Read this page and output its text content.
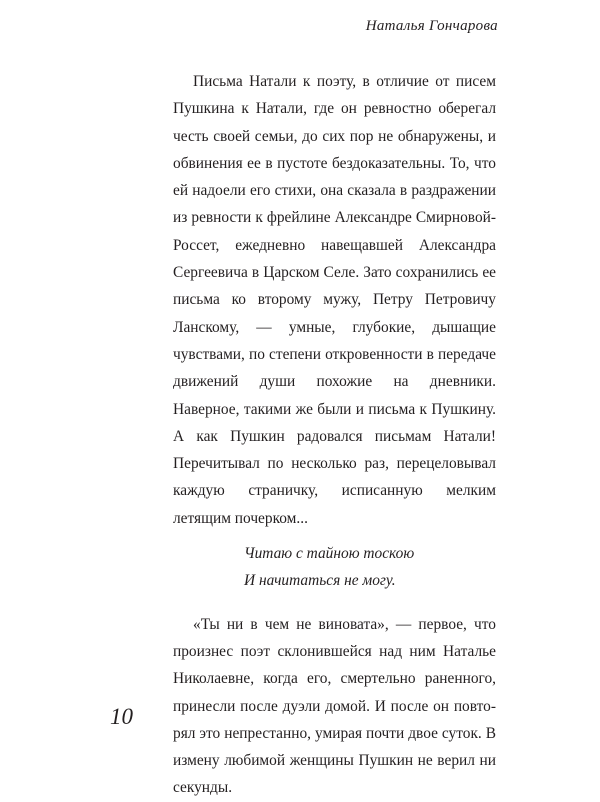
Наталья Гончарова

Письма Натали к поэту, в отличие от писем Пушкина к Натали, где он ревностно оберегал честь своей семьи, до сих пор не обнаружены, и обвинения ее в пустоте бездоказательны. То, что ей надоели его стихи, она сказала в раздражении из ревности к фрейлине Александре Смирновой-Россет, ежедневно навещавшей Александра Сергеевича в Царском Селе. Зато сохранились ее письма ко второму мужу, Петру Петровичу Ланскому, — умные, глубокие, дышащие чувствами, по степени откровенности в передаче движений души похожие на дневники. Наверное, такими же были и письма к Пушкину. А как Пушкин радовался письмам Натали! Перечитывал по несколько раз, перецеловывал каждую страничку, исписанную мелким летящим почерком...

Читаю с тайною тоскою
И начитаться не могу.

«Ты ни в чем не виновата», — первое, что произнес поэт склонившейся над ним Наталье Николаевне, когда его, смертельно раненного, принесли после дуэли домой. И после он повторял это непрестанно, умирая почти двое суток. В измену любимой женщины Пушкин не верил ни секунды.

10
